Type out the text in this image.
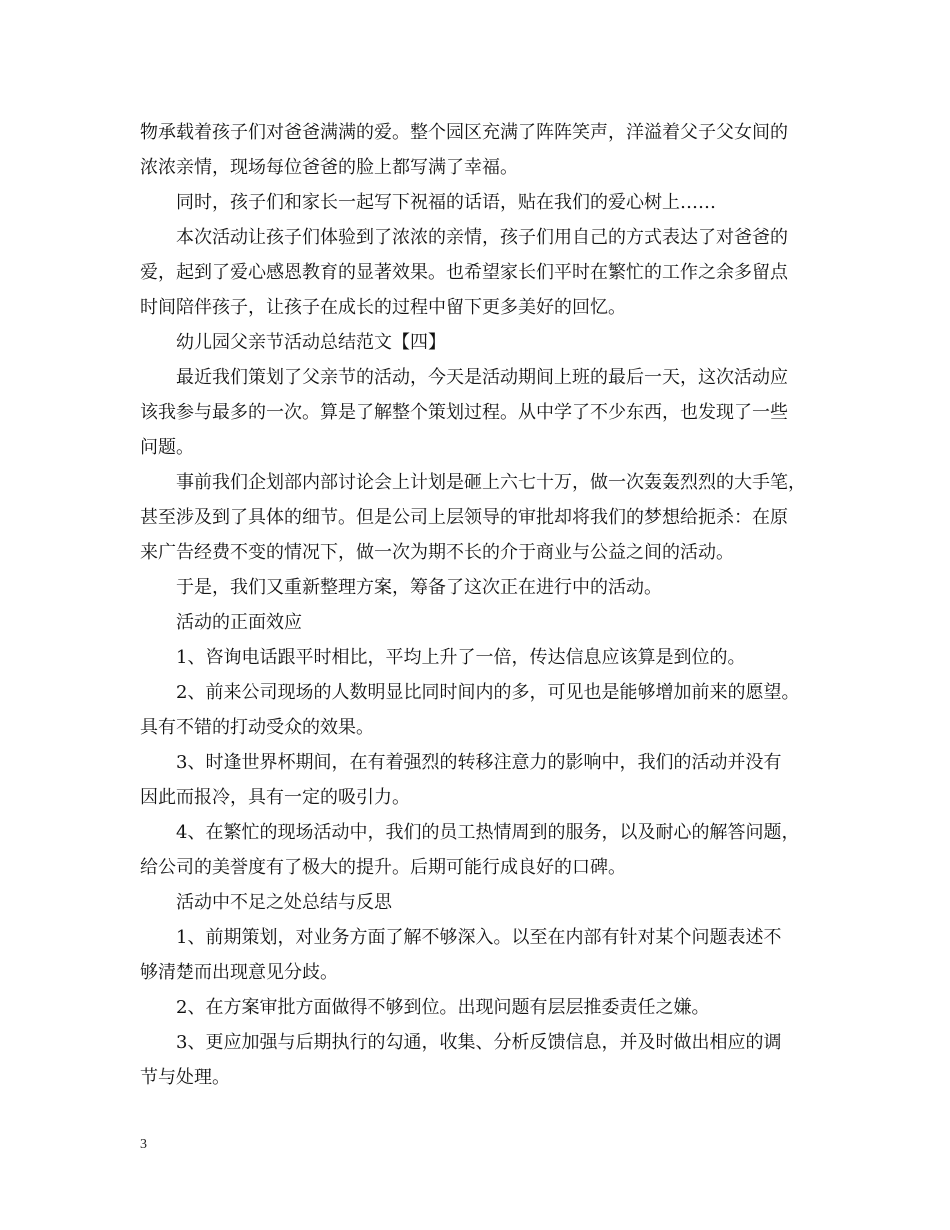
物承载着孩子们对爸爸满满的爱。整个园区充满了阵阵笑声，洋溢着父子父女间的
浓浓亲情，现场每位爸爸的脸上都写满了幸福。
同时，孩子们和家长一起写下祝福的话语，贴在我们的爱心树上……
本次活动让孩子们体验到了浓浓的亲情，孩子们用自己的方式表达了对爸爸的
爱，起到了爱心感恩教育的显著效果。也希望家长们平时在繁忙的工作之余多留点
时间陪伴孩子，让孩子在成长的过程中留下更多美好的回忆。
幼儿园父亲节活动总结范文【四】
最近我们策划了父亲节的活动，今天是活动期间上班的最后一天，这次活动应
该我参与最多的一次。算是了解整个策划过程。从中学了不少东西，也发现了一些
问题。
事前我们企划部内部讨论会上计划是砸上六七十万，做一次轰轰烈烈的大手笔，
甚至涉及到了具体的细节。但是公司上层领导的审批却将我们的梦想给扼杀：在原
来广告经费不变的情况下，做一次为期不长的介于商业与公益之间的活动。
于是，我们又重新整理方案，筹备了这次正在进行中的活动。
活动的正面效应
1、咨询电话跟平时相比，平均上升了一倍，传达信息应该算是到位的。
2、前来公司现场的人数明显比同时间内的多，可见也是能够增加前来的愿望。
具有不错的打动受众的效果。
3、时逢世界杯期间，在有着强烈的转移注意力的影响中，我们的活动并没有
因此而报冷，具有一定的吸引力。
4、在繁忙的现场活动中，我们的员工热情周到的服务，以及耐心的解答问题，
给公司的美誉度有了极大的提升。后期可能行成良好的口碑。
活动中不足之处总结与反思
1、前期策划，对业务方面了解不够深入。以至在内部有针对某个问题表述不
够清楚而出现意见分歧。
2、在方案审批方面做得不够到位。出现问题有层层推委责任之嫌。
3、更应加强与后期执行的勾通，收集、分析反馈信息，并及时做出相应的调
节与处理。
3
